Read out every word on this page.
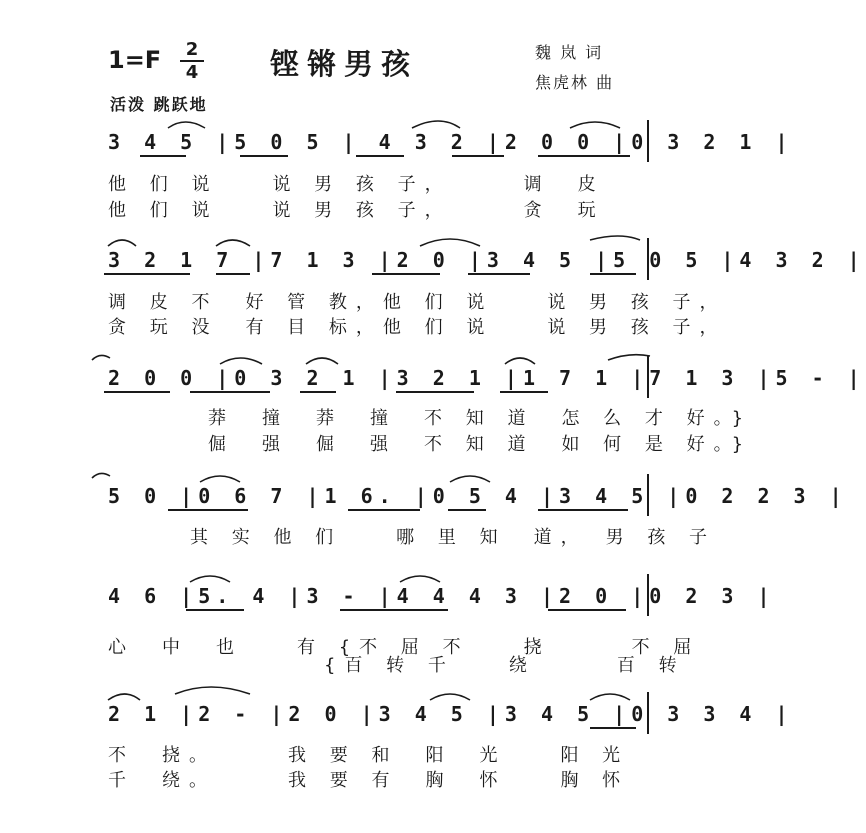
1=F	2
4 铿锵男孩	魏 岚 词
焦虎林 曲
活泼 跳跃地
3 4 5 |5 0 5 | 4 3 2 |2 0 0 |0 3 2 1 |
他 们 说　　说 男 孩 子，　　　调　皮
他 们 说　　说 男 孩 子，　　　贪　玩
3 2 1 7 |7 1 3 |2 0 |3 4 5 |5 0 5 |4 3 2 |
调 皮 不　好 管 教，他 们 说　　说 男 孩 子，
贪 玩 没　有 目 标，他 们 说　　说 男 孩 子，
2 0 0 |0 3 2 1 |3 2 1 |1 7 1 |7 1 3 |5 - |
莽　撞　莽　撞　不 知 道　怎 么 才 好。}
倔　强　倔　强　不 知 道　如 何 是 好。}
5 0 |0 6 7 |1 6. |0 5 4 |3 4 5 |0 2 2 3 |
其 实 他 们　　哪 里 知　道，　男 孩 子
4 6 |5. 4 |3 - |4 4 4 3 |2 0 |0 2 3 |
心　中　也　　有 {不 屈 不　　挠　　　不 屈
　　　　　　　　{百 转 千　　绕　　　百 转
2 1 |2 - |2 0 |3 4 5 |3 4 5 |0 3 3 4 |
不　挠。　　　我 要 和　阳　光　　阳 光
千　绕。　　　我 要 有　胸　怀　　胸 怀
